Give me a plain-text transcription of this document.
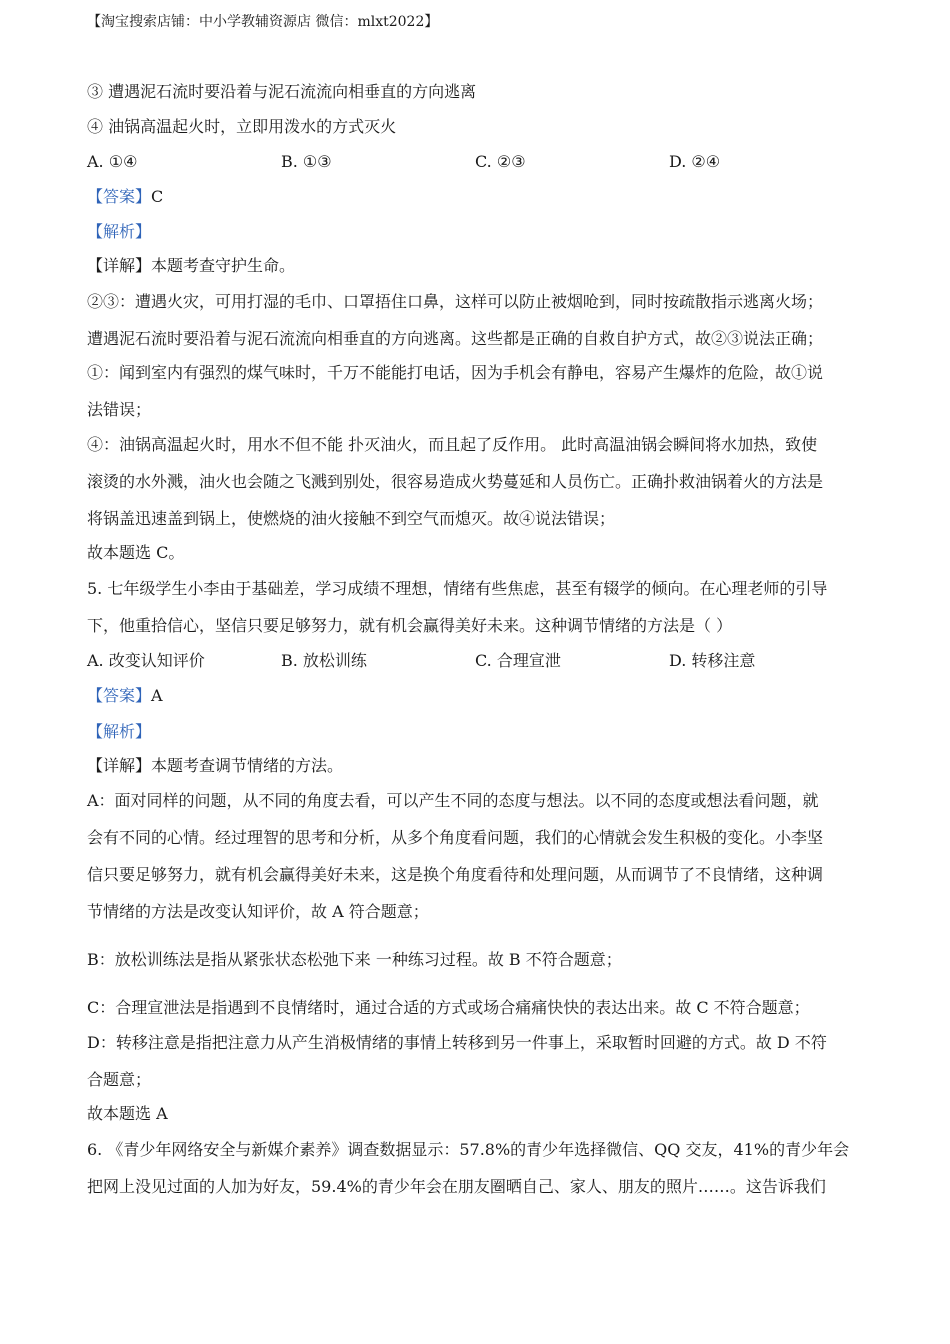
【淘宝搜索店铺：中小学教辅资源店 微信：mlxt2022】
③ 遭遇泥石流时要沿着与泥石流流向相垂直的方向逃离
④ 油锅高温起火时，立即用泼水的方式灭火
A. ①④	B. ①③	C. ②③	D. ②④
【答案】C
【解析】
【详解】本题考查守护生命。
②③：遭遇火灾，可用打湿的毛巾、口罩捂住口鼻，这样可以防止被烟呛到，同时按疏散指示逃离火场；
遭遇泥石流时要沿着与泥石流流向相垂直的方向逃离。这些都是正确的自救自护方式，故②③说法正确；
①：闻到室内有强烈的煤气味时，千万不能能打电话，因为手机会有静电，容易产生爆炸的危险，故①说
法错误；
④：油锅高温起火时，用水不但不能 扑灭油火，而且起了反作用。 此时高温油锅会瞬间将水加热，致使
滚烫的水外溅，油火也会随之飞溅到别处，很容易造成火势蔓延和人员伤亡。正确扑救油锅着火的方法是
将锅盖迅速盖到锅上，使燃烧的油火接触不到空气而熄灭。故④说法错误；
故本题选 C。
5. 七年级学生小李由于基础差，学习成绩不理想，情绪有些焦虑，甚至有辍学的倾向。在心理老师的引导
下，他重拾信心，坚信只要足够努力，就有机会赢得美好未来。这种调节情绪的方法是（ ）
A. 改变认知评价	B. 放松训练	C. 合理宣泄	D. 转移注意
【答案】A
【解析】
【详解】本题考查调节情绪的方法。
A：面对同样的问题，从不同的角度去看，可以产生不同的态度与想法。以不同的态度或想法看问题，就
会有不同的心情。经过理智的思考和分析，从多个角度看问题，我们的心情就会发生积极的变化。小李坚
信只要足够努力，就有机会赢得美好未来，这是换个角度看待和处理问题，从而调节了不良情绪，这种调
节情绪的方法是改变认知评价，故 A 符合题意；
B：放松训练法是指从紧张状态松弛下来 一种练习过程。故 B 不符合题意；
C：合理宣泄法是指遇到不良情绪时，通过合适的方式或场合痛痛快快的表达出来。故 C 不符合题意；
D：转移注意是指把注意力从产生消极情绪的事情上转移到另一件事上，采取暂时回避的方式。故 D 不符
合题意；
故本题选 A
6. 《青少年网络安全与新媒介素养》调查数据显示：57.8%的青少年选择微信、QQ 交友，41%的青少年会
把网上没见过面的人加为好友，59.4%的青少年会在朋友圈晒自己、家人、朋友的照片……。这告诉我们
